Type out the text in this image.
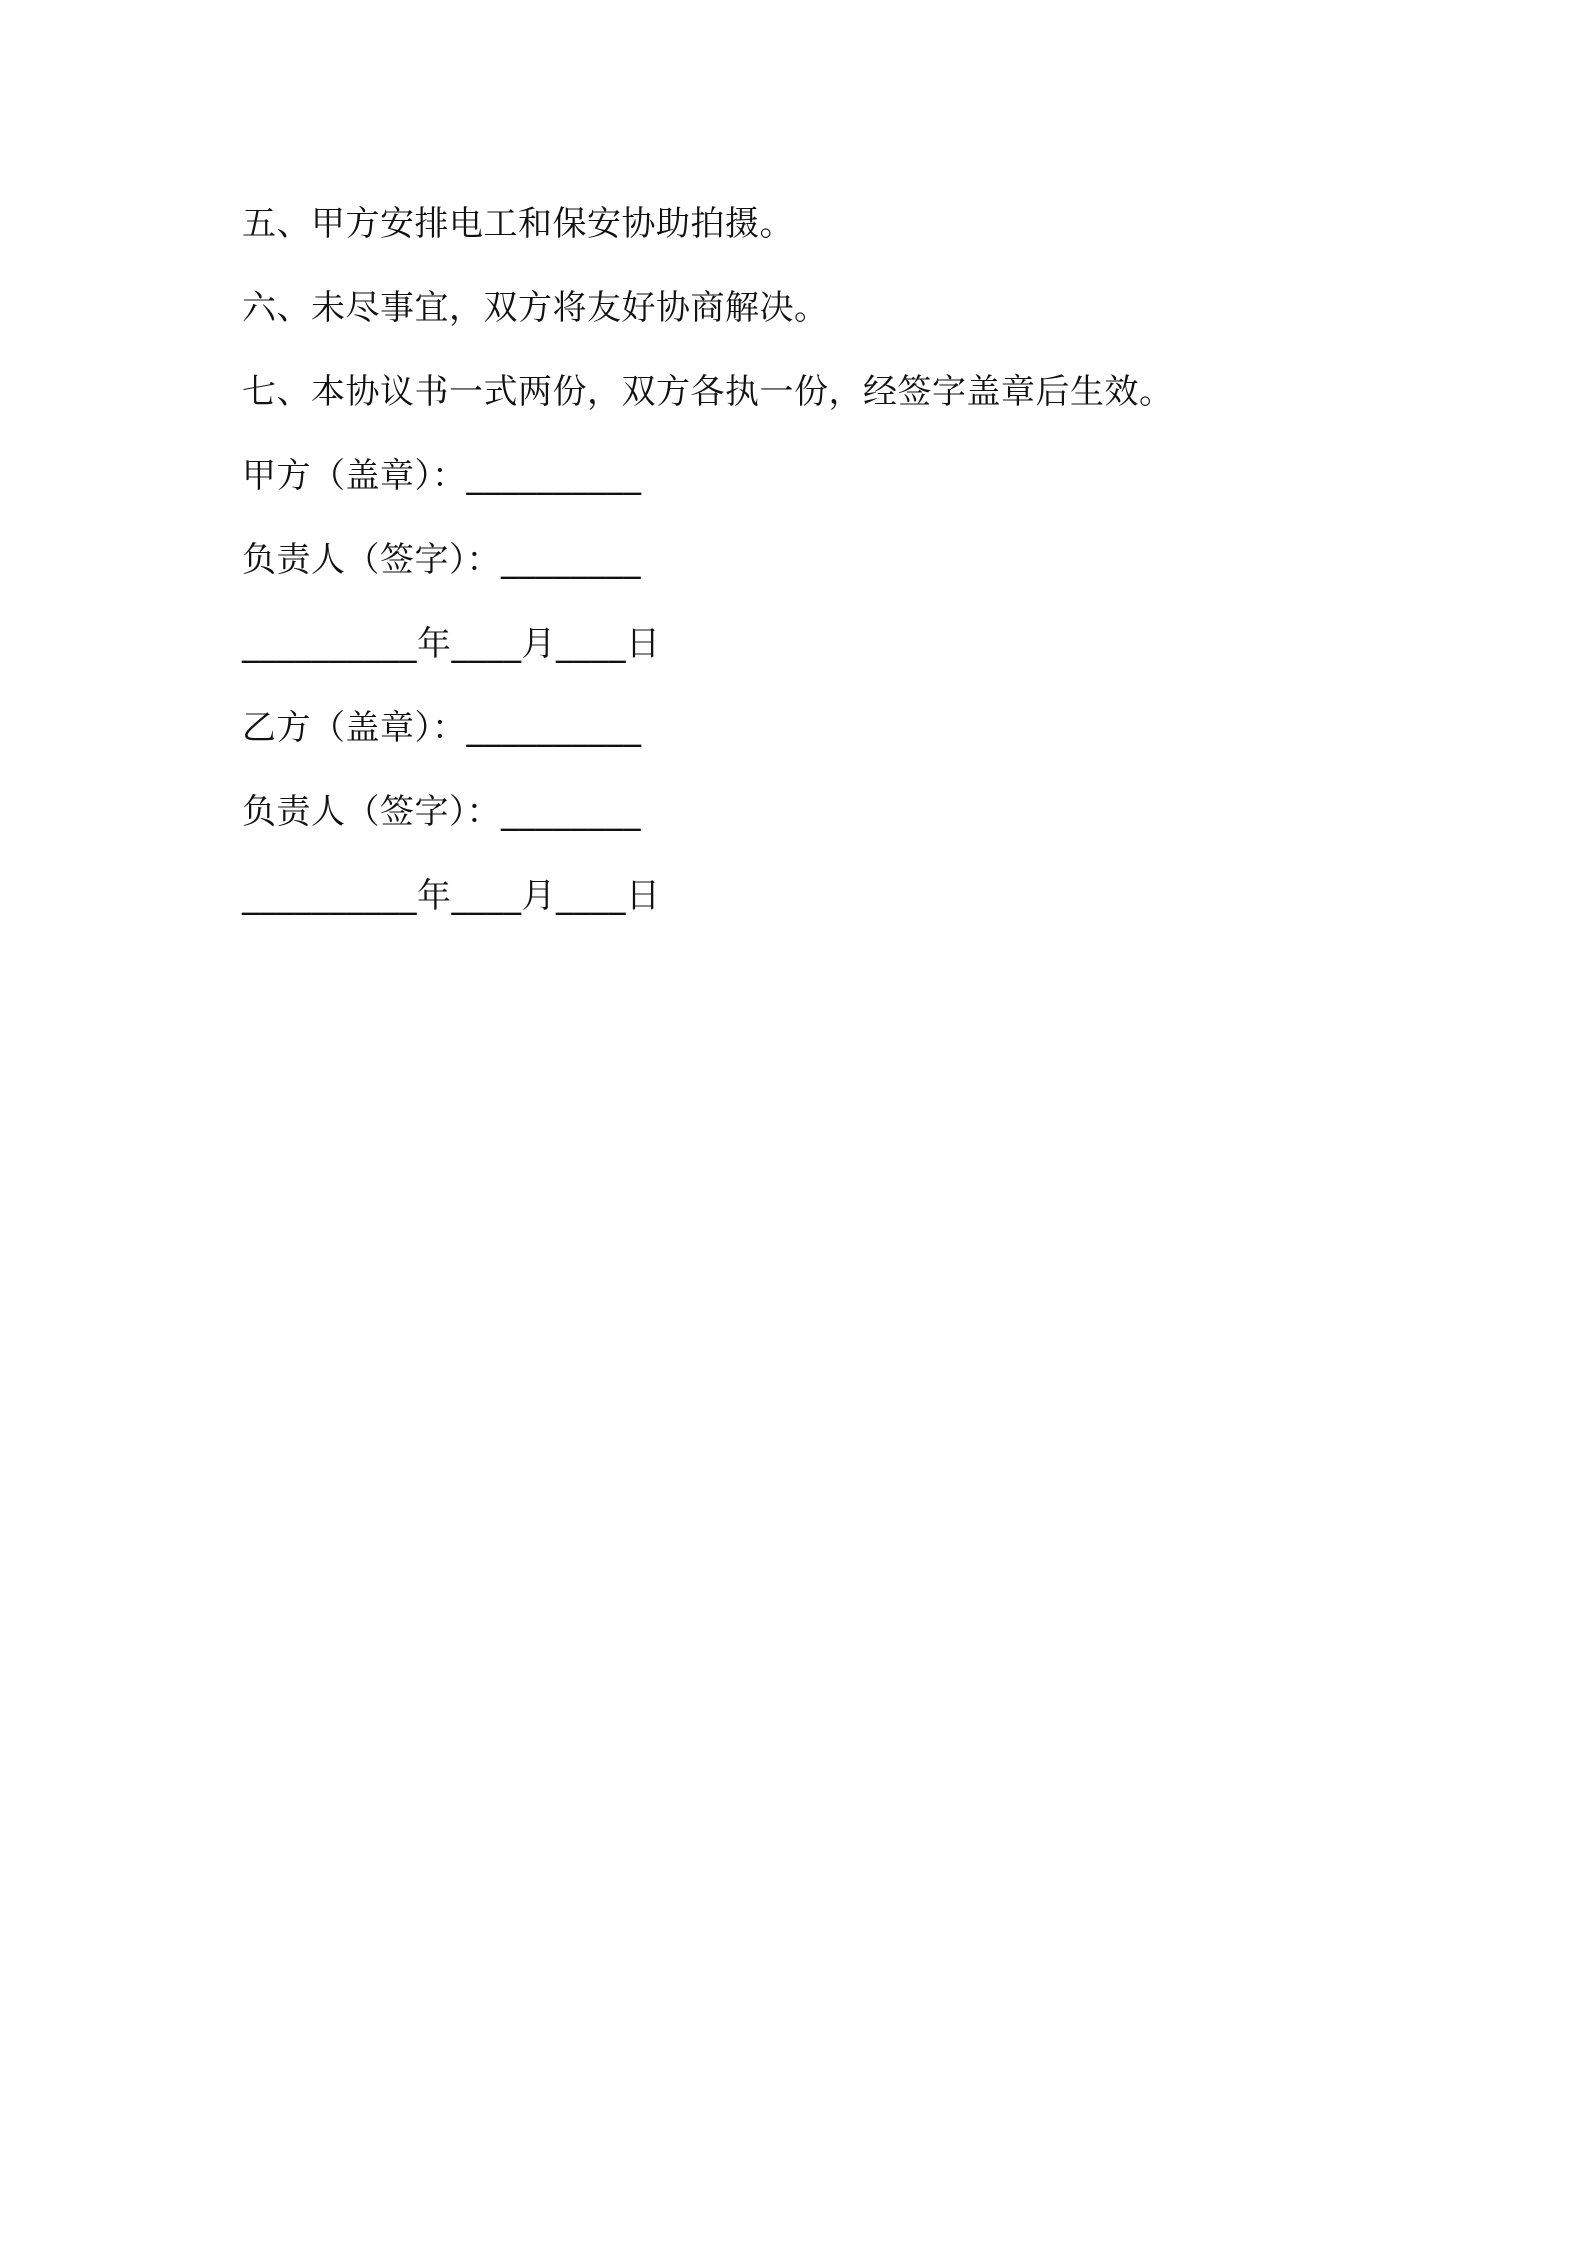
五、甲方安排电工和保安协助拍摄。
六、未尽事宜，双方将友好协商解决。
七、本协议书一式两份，双方各执一份，经签字盖章后生效。
甲方（盖章）：__________
负责人（签字）：________
__________年____月____日
乙方（盖章）：__________
负责人（签字）：________
__________年____月____日
